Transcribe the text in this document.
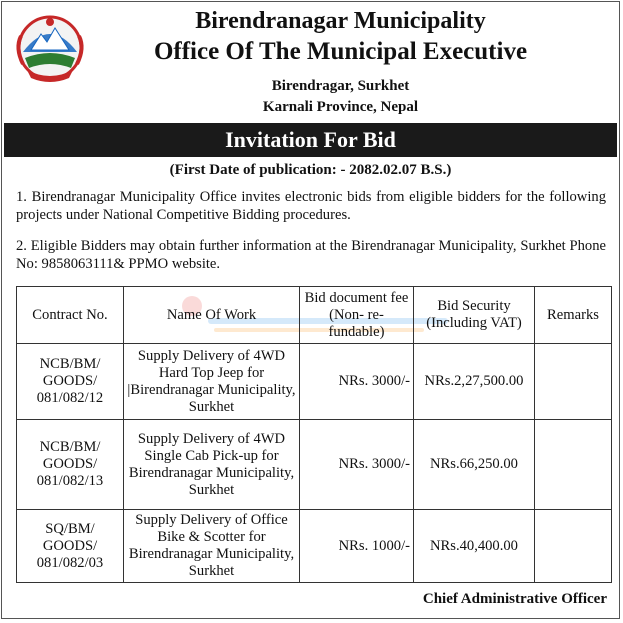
Birendranagar Municipality
Office Of The Municipal Executive
Birendragar, Surkhet
Karnali Province, Nepal
Invitation For Bid
(First Date of publication: - 2082.02.07 B.S.)
1. Birendranagar Municipality Office invites electronic bids from eligible bidders for the following projects under National Competitive Bidding procedures.
2. Eligible Bidders may obtain further information at the Birendranagar Municipality, Surkhet Phone No: 9858063111& PPMO website.
Contract No.	Name Of Work	Bid document fee (Non- re-fundable)	Bid Security (Including VAT)	Remarks
NCB/BM/ GOODS/ 081/082/12	Supply Delivery of 4WD Hard Top Jeep for |Birendranagar Municipality, Surkhet	NRs. 3000/-	NRs.2,27,500.00	
NCB/BM/ GOODS/ 081/082/13	Supply Delivery of 4WD Single Cab Pick-up for Birendranagar Municipality, Surkhet	NRs. 3000/-	NRs.66,250.00	
SQ/BM/ GOODS/ 081/082/03	Supply Delivery of Office Bike & Scotter for Birendranagar Municipality, Surkhet	NRs. 1000/-	NRs.40,400.00	
Chief Administrative Officer
